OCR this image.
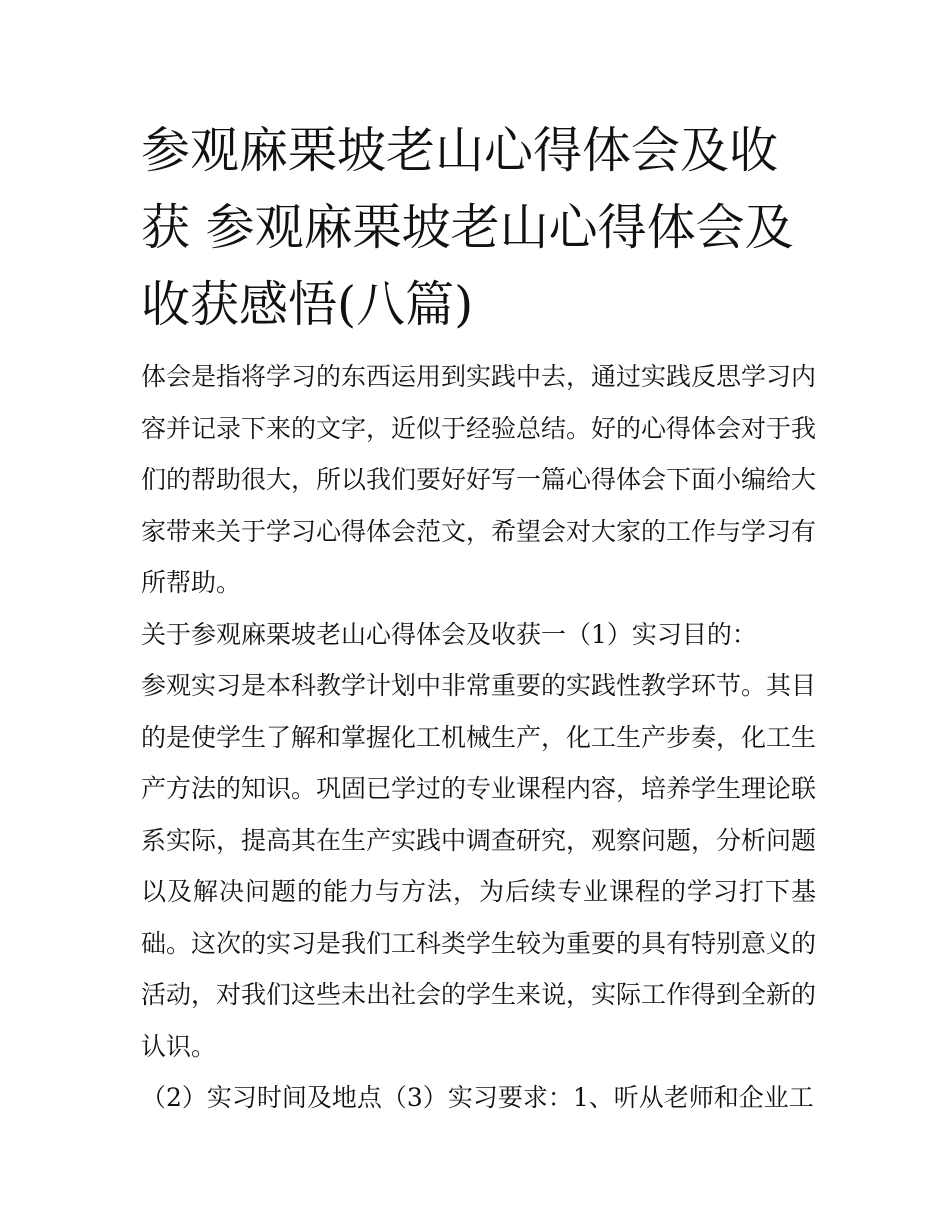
参观麻栗坡老山心得体会及收获 参观麻栗坡老山心得体会及收获感悟(八篇)

体会是指将学习的东西运用到实践中去，通过实践反思学习内容并记录下来的文字，近似于经验总结。好的心得体会对于我们的帮助很大，所以我们要好好写一篇心得体会下面小编给大家带来关于学习心得体会范文，希望会对大家的工作与学习有所帮助。

关于参观麻栗坡老山心得体会及收获一（1）实习目的：

参观实习是本科教学计划中非常重要的实践性教学环节。其目的是使学生了解和掌握化工机械生产，化工生产步奏，化工生产方法的知识。巩固已学过的专业课程内容，培养学生理论联系实际，提高其在生产实践中调查研究，观察问题，分析问题以及解决问题的能力与方法，为后续专业课程的学习打下基础。这次的实习是我们工科类学生较为重要的具有特别意义的活动，对我们这些未出社会的学生来说，实际工作得到全新的认识。

（2）实习时间及地点（3）实习要求：1、听从老师和企业工
